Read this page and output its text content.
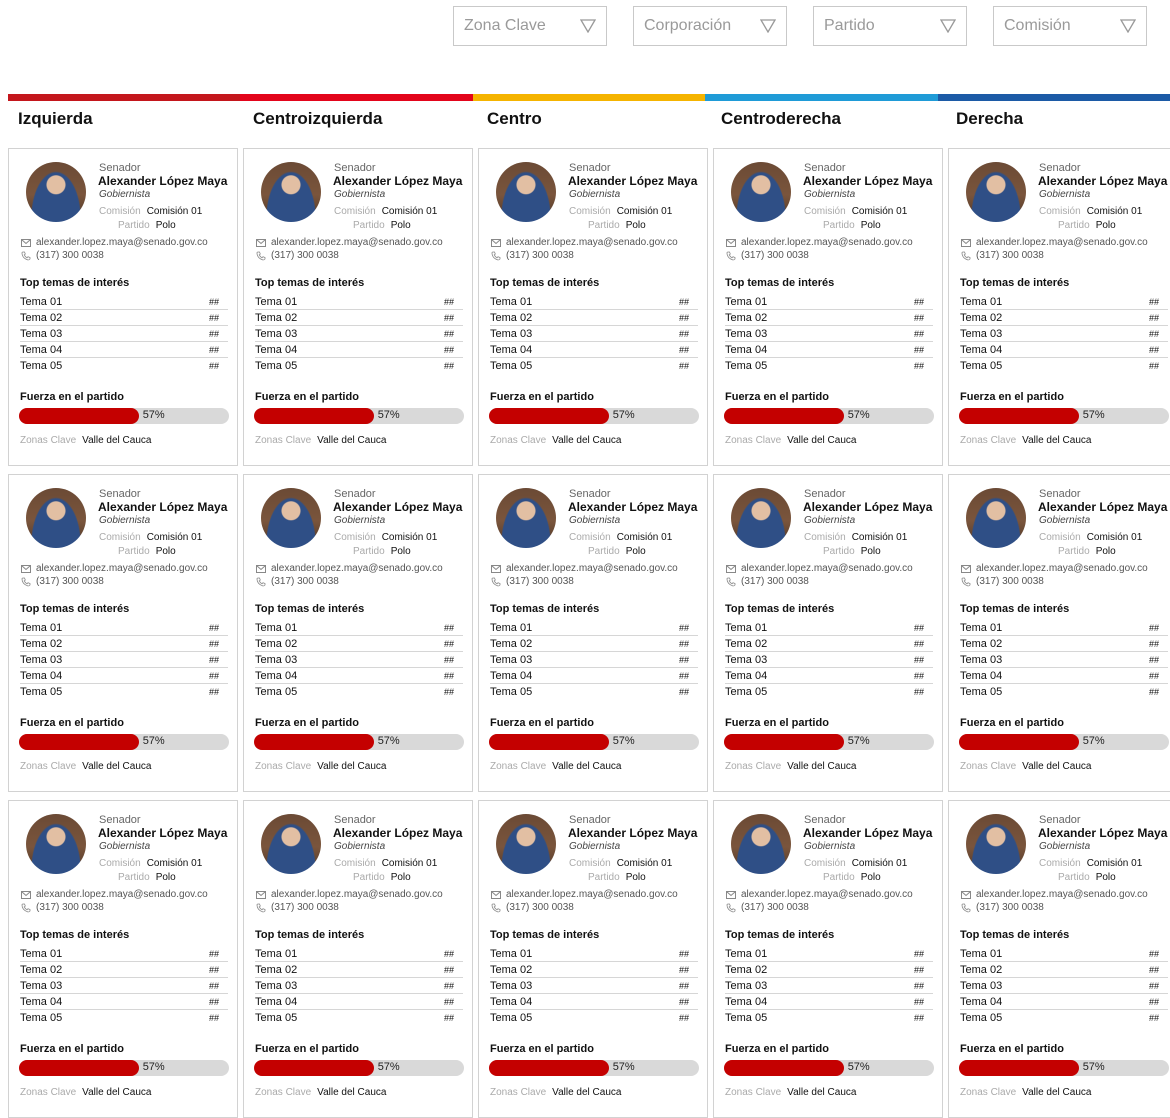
Zona Clave	Corporación	Partido	Comisión
Izquierda
Senador
Alexander López Maya
Gobiernista
Comisión Comisión 01
Partido Polo
alexander.lopez.maya@senado.gov.co
(317) 300 0038
Top temas de interés
Tema 01	##
Tema 02	##
Tema 03	##
Tema 04	##
Tema 05	##
Fuerza en el partido
57%
Zonas Clave Valle del Cauca
Senador
Alexander López Maya
Gobiernista
Comisión Comisión 01
Partido Polo
alexander.lopez.maya@senado.gov.co
(317) 300 0038
Top temas de interés
Tema 01	##
Tema 02	##
Tema 03	##
Tema 04	##
Tema 05	##
Fuerza en el partido
57%
Zonas Clave Valle del Cauca
Senador
Alexander López Maya
Gobiernista
Comisión Comisión 01
Partido Polo
alexander.lopez.maya@senado.gov.co
(317) 300 0038
Top temas de interés
Tema 01	##
Tema 02	##
Tema 03	##
Tema 04	##
Tema 05	##
Fuerza en el partido
57%
Zonas Clave Valle del Cauca
Centroizquierda
Senador
Alexander López Maya
Gobiernista
Comisión Comisión 01
Partido Polo
alexander.lopez.maya@senado.gov.co
(317) 300 0038
Top temas de interés
Tema 01	##
Tema 02	##
Tema 03	##
Tema 04	##
Tema 05	##
Fuerza en el partido
57%
Zonas Clave Valle del Cauca
Senador
Alexander López Maya
Gobiernista
Comisión Comisión 01
Partido Polo
alexander.lopez.maya@senado.gov.co
(317) 300 0038
Top temas de interés
Tema 01	##
Tema 02	##
Tema 03	##
Tema 04	##
Tema 05	##
Fuerza en el partido
57%
Zonas Clave Valle del Cauca
Senador
Alexander López Maya
Gobiernista
Comisión Comisión 01
Partido Polo
alexander.lopez.maya@senado.gov.co
(317) 300 0038
Top temas de interés
Tema 01	##
Tema 02	##
Tema 03	##
Tema 04	##
Tema 05	##
Fuerza en el partido
57%
Zonas Clave Valle del Cauca
Centro
Senador
Alexander López Maya
Gobiernista
Comisión Comisión 01
Partido Polo
alexander.lopez.maya@senado.gov.co
(317) 300 0038
Top temas de interés
Tema 01	##
Tema 02	##
Tema 03	##
Tema 04	##
Tema 05	##
Fuerza en el partido
57%
Zonas Clave Valle del Cauca
Senador
Alexander López Maya
Gobiernista
Comisión Comisión 01
Partido Polo
alexander.lopez.maya@senado.gov.co
(317) 300 0038
Top temas de interés
Tema 01	##
Tema 02	##
Tema 03	##
Tema 04	##
Tema 05	##
Fuerza en el partido
57%
Zonas Clave Valle del Cauca
Senador
Alexander López Maya
Gobiernista
Comisión Comisión 01
Partido Polo
alexander.lopez.maya@senado.gov.co
(317) 300 0038
Top temas de interés
Tema 01	##
Tema 02	##
Tema 03	##
Tema 04	##
Tema 05	##
Fuerza en el partido
57%
Zonas Clave Valle del Cauca
Centroderecha
Senador
Alexander López Maya
Gobiernista
Comisión Comisión 01
Partido Polo
alexander.lopez.maya@senado.gov.co
(317) 300 0038
Top temas de interés
Tema 01	##
Tema 02	##
Tema 03	##
Tema 04	##
Tema 05	##
Fuerza en el partido
57%
Zonas Clave Valle del Cauca
Senador
Alexander López Maya
Gobiernista
Comisión Comisión 01
Partido Polo
alexander.lopez.maya@senado.gov.co
(317) 300 0038
Top temas de interés
Tema 01	##
Tema 02	##
Tema 03	##
Tema 04	##
Tema 05	##
Fuerza en el partido
57%
Zonas Clave Valle del Cauca
Senador
Alexander López Maya
Gobiernista
Comisión Comisión 01
Partido Polo
alexander.lopez.maya@senado.gov.co
(317) 300 0038
Top temas de interés
Tema 01	##
Tema 02	##
Tema 03	##
Tema 04	##
Tema 05	##
Fuerza en el partido
57%
Zonas Clave Valle del Cauca
Derecha
Senador
Alexander López Maya
Gobiernista
Comisión Comisión 01
Partido Polo
alexander.lopez.maya@senado.gov.co
(317) 300 0038
Top temas de interés
Tema 01	##
Tema 02	##
Tema 03	##
Tema 04	##
Tema 05	##
Fuerza en el partido
57%
Zonas Clave Valle del Cauca
Senador
Alexander López Maya
Gobiernista
Comisión Comisión 01
Partido Polo
alexander.lopez.maya@senado.gov.co
(317) 300 0038
Top temas de interés
Tema 01	##
Tema 02	##
Tema 03	##
Tema 04	##
Tema 05	##
Fuerza en el partido
57%
Zonas Clave Valle del Cauca
Senador
Alexander López Maya
Gobiernista
Comisión Comisión 01
Partido Polo
alexander.lopez.maya@senado.gov.co
(317) 300 0038
Top temas de interés
Tema 01	##
Tema 02	##
Tema 03	##
Tema 04	##
Tema 05	##
Fuerza en el partido
57%
Zonas Clave Valle del Cauca
